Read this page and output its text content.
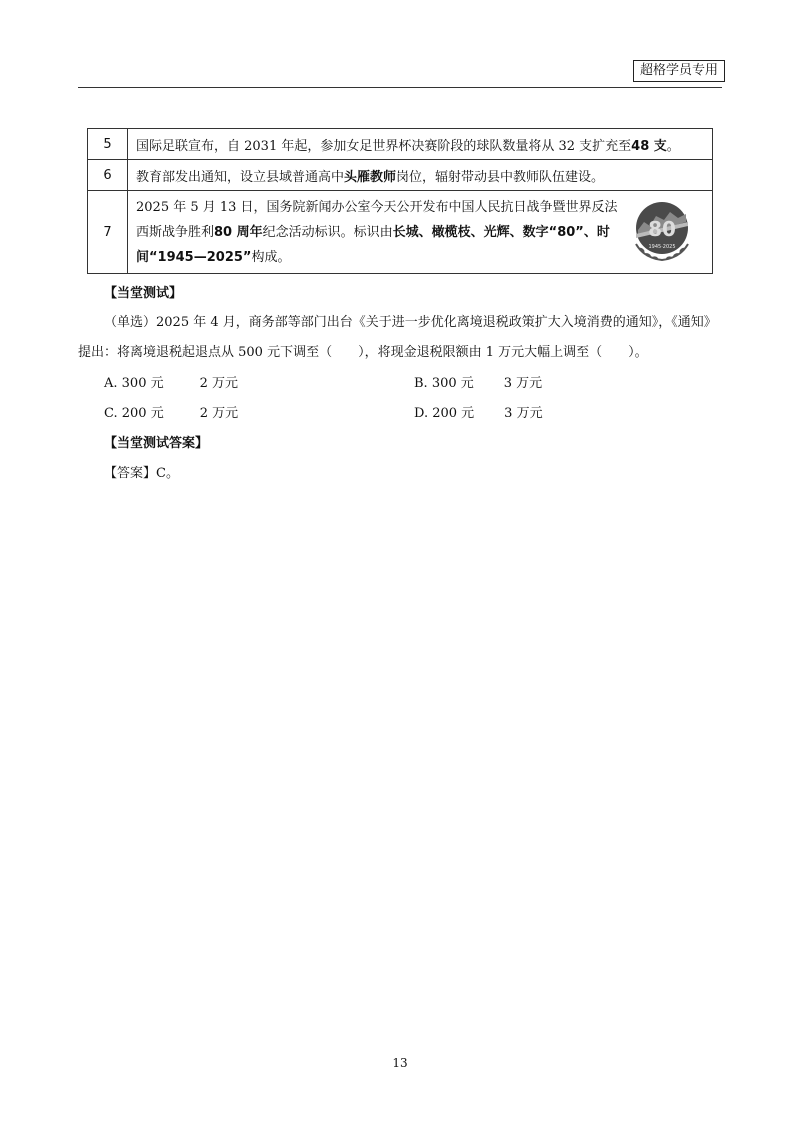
超格学员专用
5	国际足联宣布，自 2031 年起，参加女足世界杯决赛阶段的球队数量将从 32 支扩充至48 支。
6	教育部发出通知，设立县域普通高中头雁教师岗位，辐射带动县中教师队伍建设。
7	2025 年 5 月 13 日，国务院新闻办公室今天公开发布中国人民抗日战争暨世界反法西斯战争胜利80 周年纪念活动标识。标识由长城、橄榄枝、光辉、数字“80”、时间“1945—2025”构成。
80
1945·2025
【当堂测试】
（单选）2025 年 4 月，商务部等部门出台《关于进一步优化离境退税政策扩大入境消费的通知》，《通知》
提出：将离境退税起退点从 500 元下调至（　　），将现金退税限额由 1 万元大幅上调至（　　）。
A. 300 元	2 万元	B. 300 元 3 万元
C. 200 元	2 万元	D. 200 元 3 万元
【当堂测试答案】
【答案】C。
13
